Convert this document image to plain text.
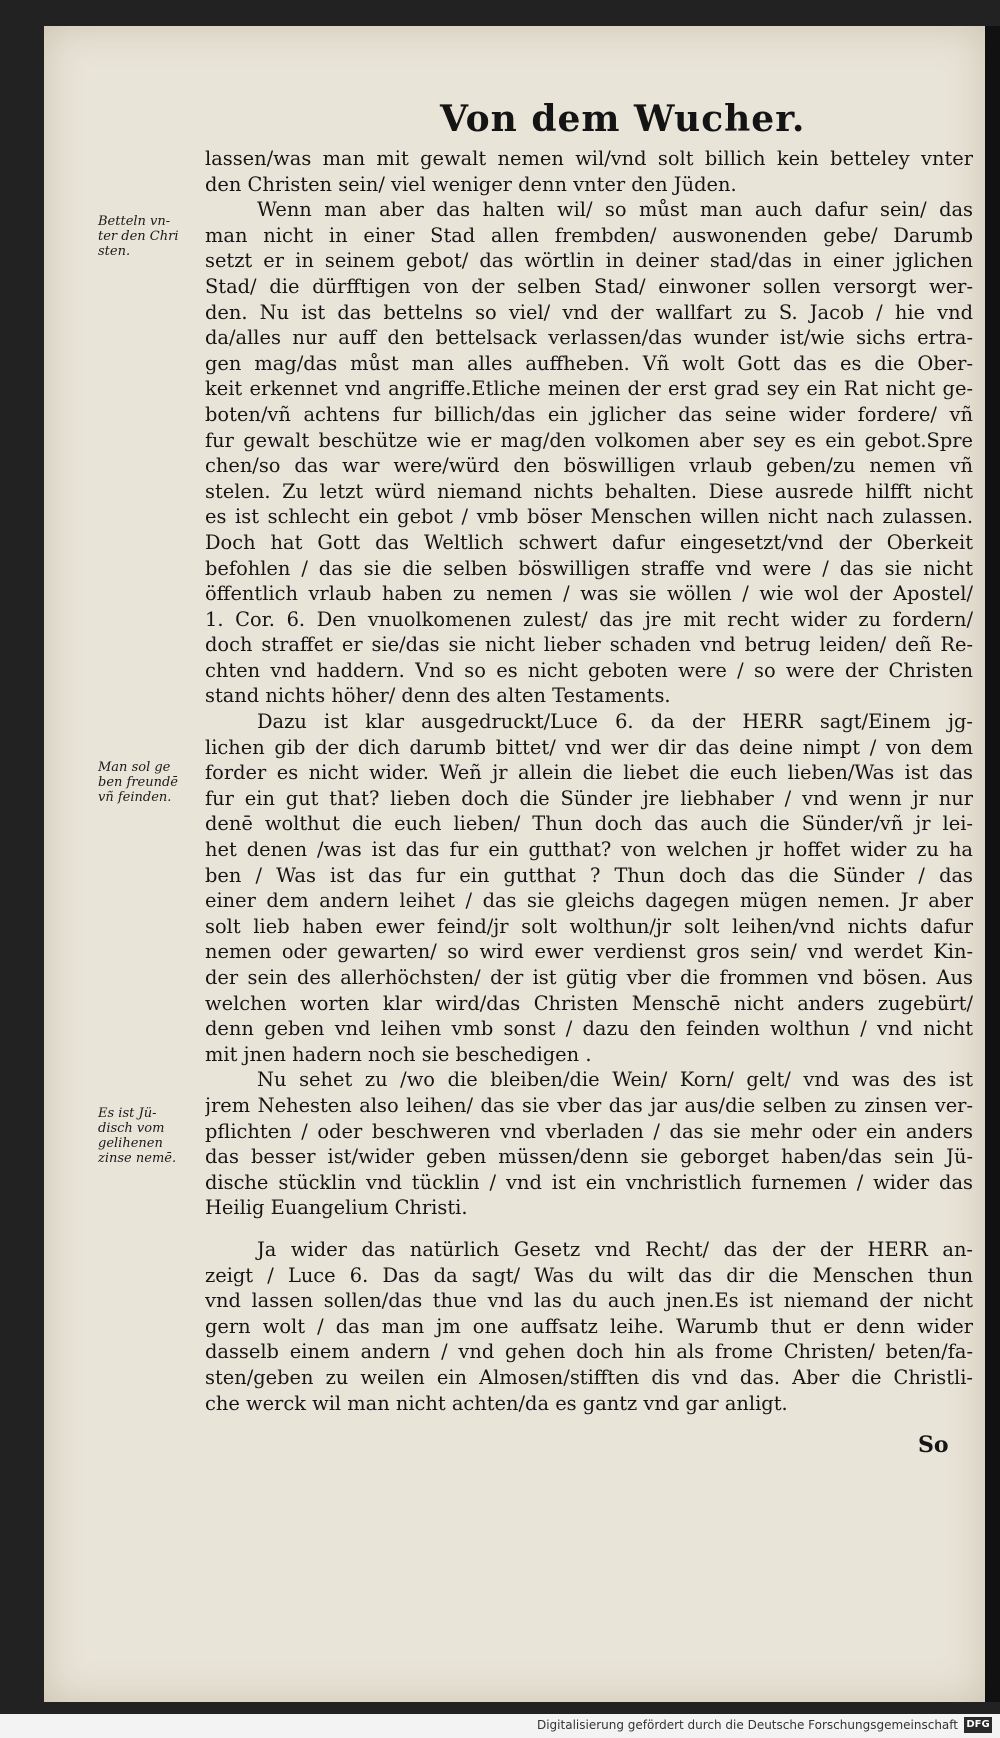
Von dem Wucher.
Betteln vn-
ter den Chri
sten.
Man sol ge
ben freundē
vñ feinden.
Es ist Jü-
disch vom
gelihenen
zinse nemē.

lassen/was man mit gewalt nemen wil/vnd solt billich kein betteley vnter
den Christen sein/ viel weniger denn vnter den Jüden.

Wenn man aber das halten wil/ so můst man auch dafur sein/ das
man nicht in einer Stad allen frembden/ auswonenden gebe/ Darumb
setzt er in seinem gebot/ das wörtlin in deiner stad/das in einer jglichen
Stad/ die dürfftigen von der selben Stad/ einwoner sollen versorgt wer-
den. Nu ist das bettelns so viel/ vnd der wallfart zu S. Jacob / hie vnd
da/alles nur auff den bettelsack verlassen/das wunder ist/wie sichs ertra-
gen mag/das můst man alles auffheben. Vñ wolt Gott das es die Ober-
keit erkennet vnd angriffe.Etliche meinen der erst grad sey ein Rat nicht ge-
boten/vñ achtens fur billich/das ein jglicher das seine wider fordere/ vñ
fur gewalt beschütze wie er mag/den volkomen aber sey es ein gebot.Spre
chen/so das war were/würd den böswilligen vrlaub geben/zu nemen vñ
stelen. Zu letzt würd niemand nichts behalten. Diese ausrede hilfft nicht
es ist schlecht ein gebot / vmb böser Menschen willen nicht nach zulassen.
Doch hat Gott das Weltlich schwert dafur eingesetzt/vnd der Oberkeit
befohlen / das sie die selben böswilligen straffe vnd were / das sie nicht
öffentlich vrlaub haben zu nemen / was sie wöllen / wie wol der Apostel/
1. Cor. 6. Den vnuolkomenen zulest/ das jre mit recht wider zu fordern/
doch straffet er sie/das sie nicht lieber schaden vnd betrug leiden/ deñ Re-
chten vnd haddern. Vnd so es nicht geboten were / so were der Christen
stand nichts höher/ denn des alten Testaments.

Dazu ist klar ausgedruckt/Luce 6. da der HERR sagt/Einem jg-
lichen gib der dich darumb bittet/ vnd wer dir das deine nimpt / von dem
forder es nicht wider. Weñ jr allein die liebet die euch lieben/Was ist das
fur ein gut that? lieben doch die Sünder jre liebhaber / vnd wenn jr nur
denē wolthut die euch lieben/ Thun doch das auch die Sünder/vñ jr lei-
het denen /was ist das fur ein gutthat? von welchen jr hoffet wider zu ha
ben / Was ist das fur ein gutthat ? Thun doch das die Sünder / das
einer dem andern leihet / das sie gleichs dagegen mügen nemen. Jr aber
solt lieb haben ewer feind/jr solt wolthun/jr solt leihen/vnd nichts dafur
nemen oder gewarten/ so wird ewer verdienst gros sein/ vnd werdet Kin-
der sein des allerhöchsten/ der ist gütig vber die frommen vnd bösen. Aus
welchen worten klar wird/das Christen Menschē nicht anders zugebürt/
denn geben vnd leihen vmb sonst / dazu den feinden wolthun / vnd nicht
mit jnen hadern noch sie beschedigen .

Nu sehet zu /wo die bleiben/die Wein/ Korn/ gelt/ vnd was des ist
jrem Nehesten also leihen/ das sie vber das jar aus/die selben zu zinsen ver-
pflichten / oder beschweren vnd vberladen / das sie mehr oder ein anders
das besser ist/wider geben müssen/denn sie geborget haben/das sein Jü-
dische stücklin vnd tücklin / vnd ist ein vnchristlich furnemen / wider das
Heilig Euangelium Christi.

Ja wider das natürlich Gesetz vnd Recht/ das der der HERR an-
zeigt / Luce 6. Das da sagt/ Was du wilt das dir die Menschen thun
vnd lassen sollen/das thue vnd las du auch jnen.Es ist niemand der nicht
gern wolt / das man jm one auffsatz leihe. Warumb thut er denn wider
dasselb einem andern / vnd gehen doch hin als frome Christen/ beten/fa-
sten/geben zu weilen ein Almosen/stifften dis vnd das. Aber die Christli-
che werck wil man nicht achten/da es gantz vnd gar anligt.

So
Digitalisierung gefördert durch die Deutsche Forschungsgemeinschaft DFG
